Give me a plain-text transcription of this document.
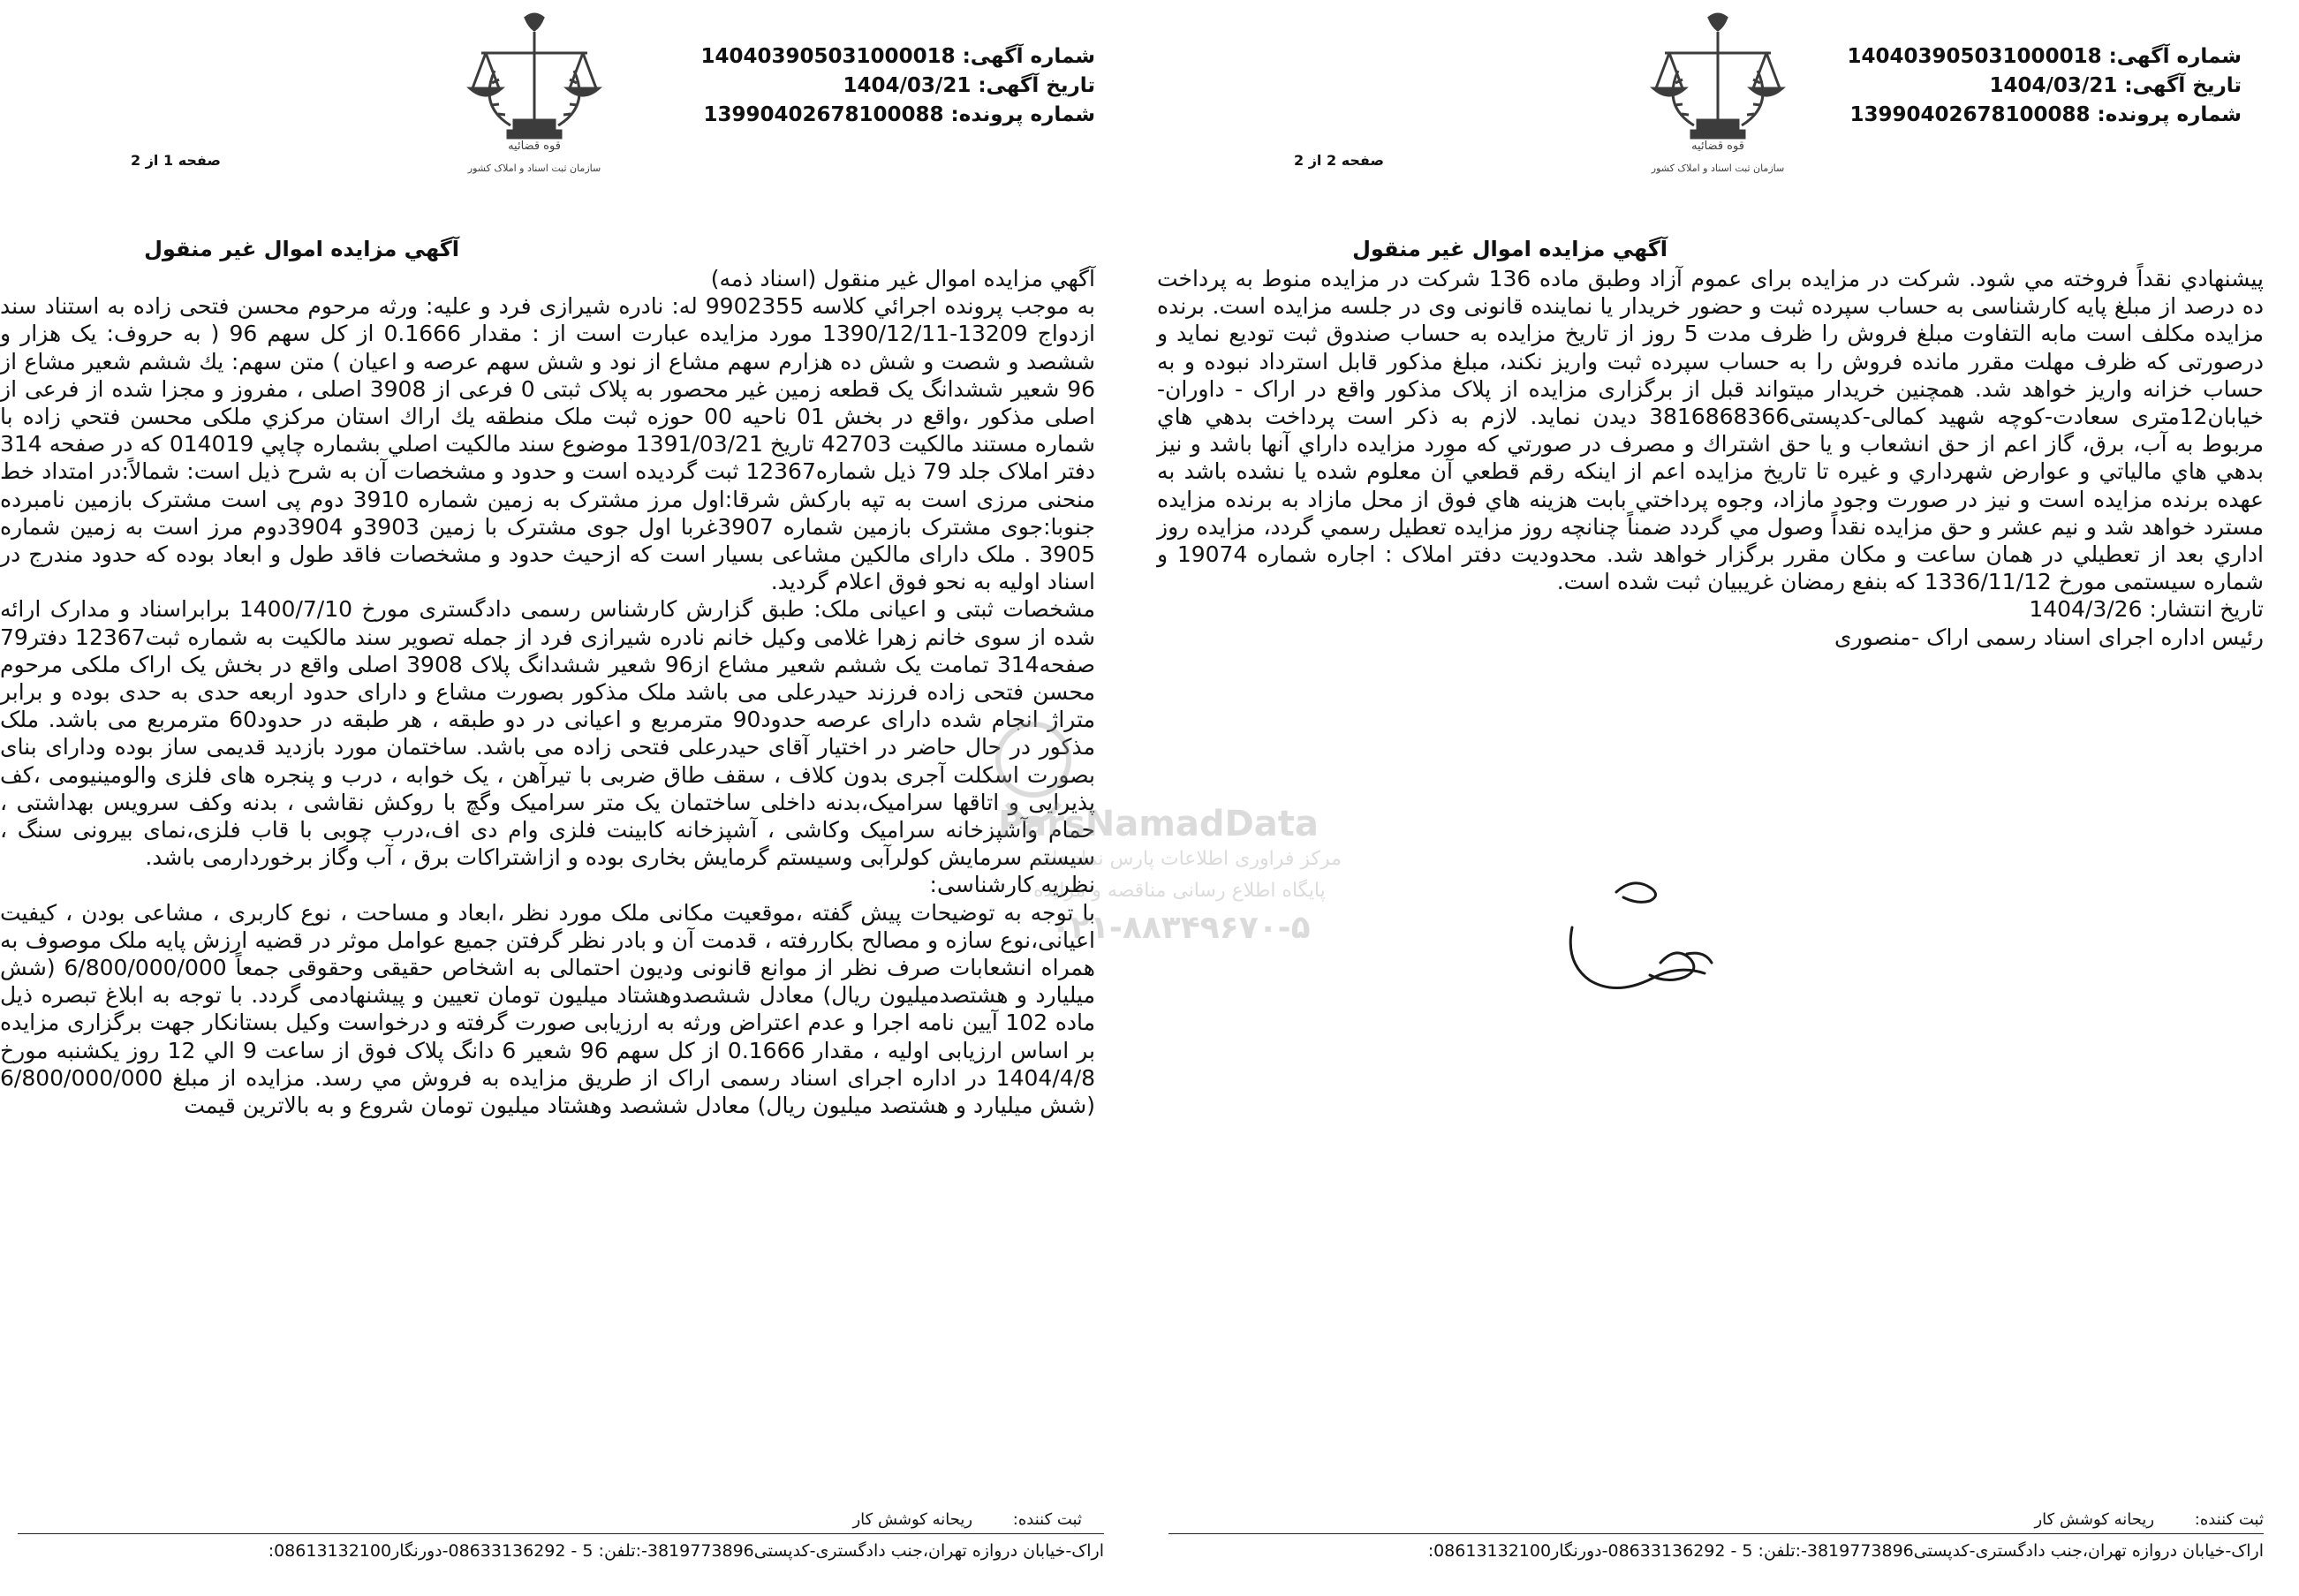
شماره آگهی: 140403905031000018
تاریخ آگهی: 1404/03/21
شماره پرونده: 13990402678100088
قوه قضائیه
سازمان ثبت اسناد و املاک کشور
صفحه 1 از 2
آگهي مزايده اموال غير منقول

آگهي مزايده اموال غير منقول (اسناد ذمه)

به موجب پرونده اجرائي كلاسه 9902355 له: نادره شیرازی فرد و علیه: ورثه مرحوم محسن فتحی زاده به استناد سند ازدواج 13209-1390/12/11 مورد مزایده عبارت است از : مقدار 0.1666 از کل سهم 96 ( به حروف: یک هزار و ششصد و شصت و شش ده هزارم سهم مشاع از نود و شش سهم عرصه و اعیان ) متن سهم: يك ششم شعير مشاع از 96 شعير ششدانگ يک قطعه زمين غير محصور به پلاک ثبتی 0 فرعی از 3908 اصلی ، مفروز و مجزا شده از فرعی از اصلی مذکور ،واقع در بخش 01 ناحيه 00 حوزه ثبت ملک منطقه يك اراك استان مركزي ملكی محسن فتحي زاده با شماره مستند مالكيت 42703 تاریخ 1391/03/21 موضوع سند مالكيت اصلي بشماره چاپي 014019 كه در صفحه 314 دفتر املاک جلد 79 ذيل شماره12367 ثبت گرديده است و حدود و مشخصات آن به شرح ذيل است: شمالاً:در امتداد خط منحنی مرزی است به تپه بارکش شرقا:اول مرز مشترک به زمین شماره 3910 دوم پی است مشترک بازمین نامبرده جنوبا:جوی مشترک بازمین شماره 3907غربا اول جوی مشترک با زمین 3903و 3904دوم مرز است به زمین شماره 3905 . ملک دارای مالکین مشاعی بسیار است که ازحیث حدود و مشخصات فاقد طول و ابعاد بوده که حدود مندرج در اسناد اولیه به نحو فوق اعلام گردید.

مشخصات ثبتی و اعیانی ملک: طبق گزارش کارشناس رسمی دادگستری مورخ 1400/7/10 برابراسناد و مدارک ارائه شده از سوی خانم زهرا غلامی وکیل خانم نادره شیرازی فرد از جمله تصویر سند مالکیت به شماره ثبت12367 دفتر79 صفحه314 تمامت یک ششم شعیر مشاع از96 شعیر ششدانگ پلاک 3908 اصلی واقع در بخش یک اراک ملکی مرحوم محسن فتحی زاده فرزند حیدرعلی می باشد ملک مذکور بصورت مشاع و دارای حدود اربعه حدی به حدی بوده و برابر متراژ انجام شده دارای عرصه حدود90 مترمربع و اعیانی در دو طبقه ، هر طبقه در حدود60 مترمربع می باشد. ملک مذکور در حال حاضر در اختیار آقای حیدرعلی فتحی زاده می باشد. ساختمان مورد بازدید قدیمی ساز بوده ودارای بنای بصورت اسکلت آجری بدون کلاف ، سقف طاق ضربی با تیرآهن ، یک خوابه ، درب و پنجره های فلزی والومینیومی ،کف پذیرایی و اتاقها سرامیک،بدنه داخلی ساختمان یک متر سرامیک وگچ با روکش نقاشی ، بدنه وکف سرویس بهداشتی ، حمام وآشپزخانه سرامیک وکاشی ، آشپزخانه کابینت فلزی وام دی اف،درب چوبی با قاب فلزی،نمای بیرونی سنگ ، سیستم سرمایش کولرآبی وسیستم گرمایش بخاری بوده و ازاشتراکات برق ، آب وگاز برخوردارمی باشد.

نظریه کارشناسی:

با توجه به توضیحات پیش گفته ،موقعیت مکانی ملک مورد نظر ،ابعاد و مساحت ، نوع کاربری ، مشاعی بودن ، کیفیت اعیانی،نوع سازه و مصالح بکاررفته ، قدمت آن و بادر نظر گرفتن جمیع عوامل موثر در قضیه ارزش پایه ملک موصوف به همراه انشعابات صرف نظر از موانع قانونی ودیون احتمالی به اشخاص حقیقی وحقوقی جمعاً 6/800/000/000 (شش میلیارد و هشتصدمیلیون ریال) معادل ششصدوهشتاد میلیون تومان تعیین و پیشنهادمی گردد. با توجه به ابلاغ تبصره ذیل ماده 102 آیین نامه اجرا و عدم اعتراض ورثه به ارزیابی صورت گرفته و درخواست وکیل بستانکار جهت برگزاری مزایده بر اساس ارزیابی اولیه ، مقدار 0.1666 از کل سهم 96 شعیر 6 دانگ پلاک فوق از ساعت 9 الي 12 روز يکشنبه مورخ 1404/4/8 در اداره اجرای اسناد رسمی اراک از طریق مزایده به فروش مي رسد. مزايده از مبلغ 6/800/000/000 (شش میلیارد و هشتصد میلیون ریال) معادل ششصد وهشتاد میلیون تومان شروع و به بالاترين قيمت

ثبت کننده: ریحانه کوشش کار
اراک-خیابان دروازه تهران،جنب دادگستری-کدپستی3819773896-:تلفن: 5 - 08633136292-دورنگار08613132100:
شماره آگهی: 140403905031000018
تاریخ آگهی: 1404/03/21
شماره پرونده: 13990402678100088
قوه قضائیه
سازمان ثبت اسناد و املاک کشور
صفحه 2 از 2
آگهي مزايده اموال غير منقول

پيشنهادي نقداً فروخته مي شود. شرکت در مزایده برای عموم آزاد وطبق ماده 136 شرکت در مزایده منوط به پرداخت ده درصد از مبلغ پایه کارشناسی به حساب سپرده ثبت و حضور خریدار یا نماینده قانونی وی در جلسه مزایده است. برنده مزایده مکلف است مابه التفاوت مبلغ فروش را ظرف مدت 5 روز از تاریخ مزایده به حساب صندوق ثبت تودیع نماید و درصورتی که ظرف مهلت مقرر مانده فروش را به حساب سپرده ثبت واریز نکند، مبلغ مذکور قابل استرداد نبوده و به حساب خزانه واریز خواهد شد. همچنین خریدار میتواند قبل از برگزاری مزایده از پلاک مذکور واقع در اراک - داوران-خیابان12متری سعادت-کوچه شهید کمالی-کدپستی3816868366 دیدن نماید. لازم به ذکر است پرداخت بدهي هاي مربوط به آب، برق، گاز اعم از حق انشعاب و يا حق اشتراك و مصرف در صورتي كه مورد مزايده داراي آنها باشد و نيز بدهي هاي مالياتي و عوارض شهرداري و غيره تا تاريخ مزايده اعم از اينكه رقم قطعي آن معلوم شده يا نشده باشد به عهده برنده مزايده است و نيز در صورت وجود مازاد، وجوه پرداختي بابت هزينه هاي فوق از محل مازاد به برنده مزايده مسترد خواهد شد و نيم عشر و حق مزايده نقداً وصول مي گردد ضمناً چنانچه روز مزايده تعطيل رسمي گردد، مزايده روز اداري بعد از تعطيلي در همان ساعت و مكان مقرر برگزار خواهد شد. محدودیت دفتر املاک : اجاره شماره 19074 و شماره سیستمی مورخ 1336/11/12 که بنفع رمضان غریبیان ثبت شده است.

تاريخ انتشار: 1404/3/26

رئیس اداره اجرای اسناد رسمی اراک -منصوری

ثبت کننده: ریحانه کوشش کار
اراک-خیابان دروازه تهران،جنب دادگستری-کدپستی3819773896-:تلفن: 5 - 08633136292-دورنگار08613132100:
ParsNamadData
مرکز فراوری اطلاعات پارس نماد داده
پایگاه اطلاع رسانی مناقصه و مزایده
۰۲۱-۸۸۳۴۹۶۷۰-۵
